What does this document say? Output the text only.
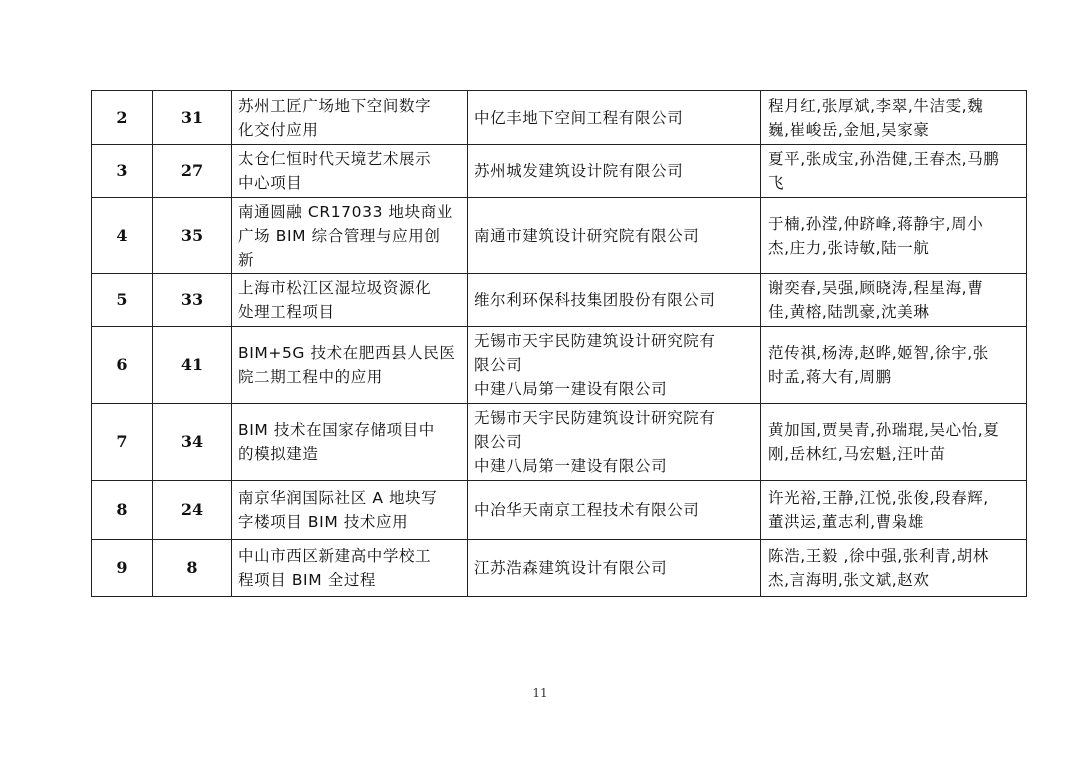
2	31	苏州工匠广场地下空间数字
化交付应用	中亿丰地下空间工程有限公司	程月红,张厚斌,李翠,牛洁雯,魏
巍,崔峻岳,金旭,吴家豪

3	27	太仓仁恒时代天境艺术展示
中心项目	苏州城发建筑设计院有限公司	夏平,张成宝,孙浩健,王春杰,马鹏
飞

4	35	南通圆融 CR17033 地块商业
广场 BIM 综合管理与应用创
新	南通市建筑设计研究院有限公司	于楠,孙滢,仲跻峰,蒋静宇,周小
杰,庄力,张诗敏,陆一航

5	33	上海市松江区湿垃圾资源化
处理工程项目	维尔利环保科技集团股份有限公司	谢奕春,吴强,顾晓涛,程星海,曹
佳,黄榕,陆凯豪,沈美琳

6	41	BIM+5G 技术在肥西县人民医
院二期工程中的应用	无锡市天宇民防建筑设计研究院有
限公司
中建八局第一建设有限公司	范传祺,杨涛,赵晔,姬智,徐宇,张
时孟,蒋大有,周鹏

7	34	BIM 技术在国家存储项目中
的模拟建造	无锡市天宇民防建筑设计研究院有
限公司
中建八局第一建设有限公司	黄加国,贾昊青,孙瑞琨,吴心怡,夏
刚,岳林红,马宏魁,汪叶苗

8	24	南京华润国际社区 A 地块写
字楼项目 BIM 技术应用	中冶华天南京工程技术有限公司	许光裕,王静,江悦,张俊,段春辉,
董洪运,董志利,曹枭雄

9	8	中山市西区新建高中学校工
程项目 BIM 全过程	江苏浩森建筑设计有限公司	陈浩,王毅 ,徐中强,张利青,胡林
杰,言海明,张文斌,赵欢
11
